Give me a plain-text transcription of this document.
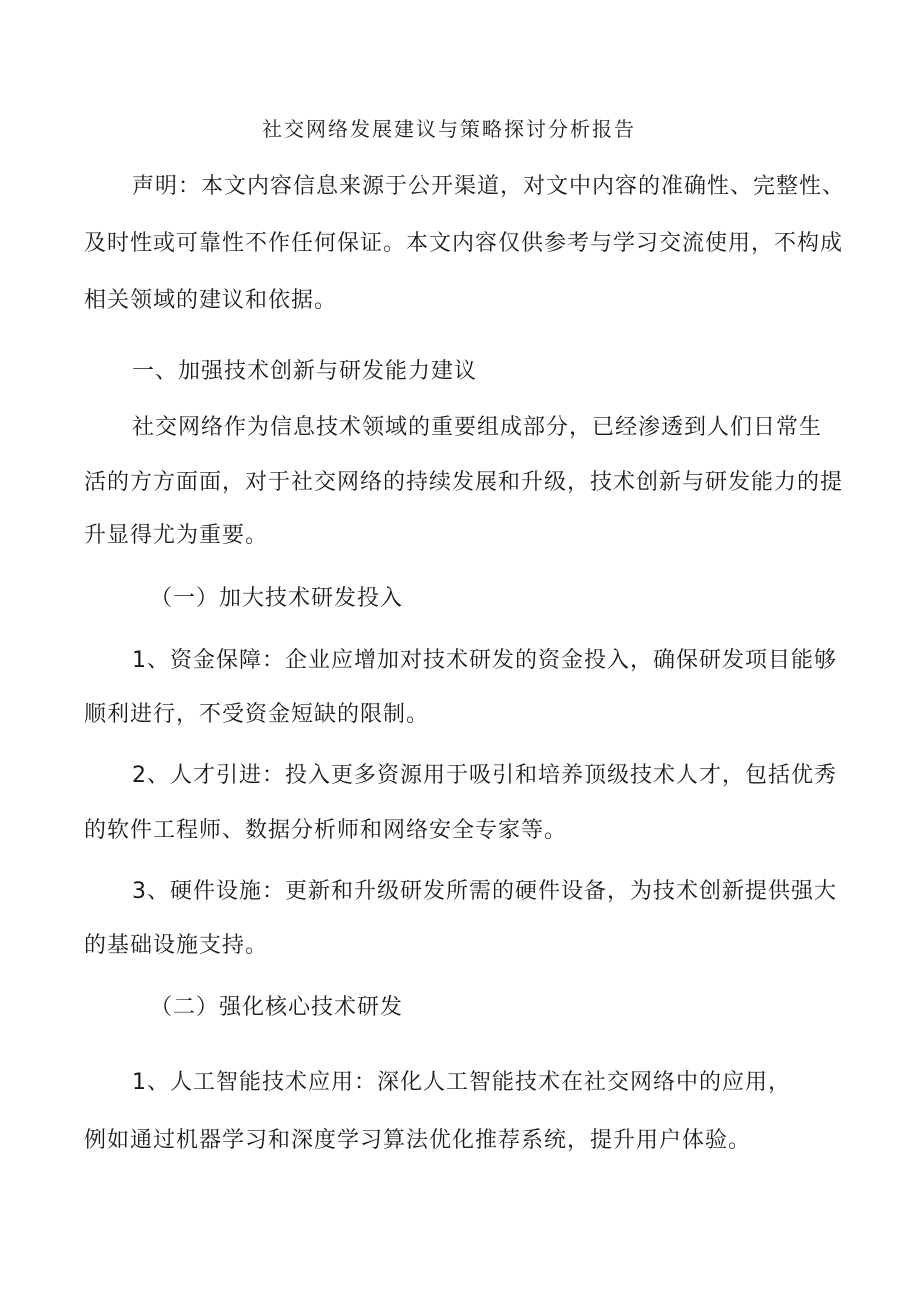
社交网络发展建议与策略探讨分析报告
声明：本文内容信息来源于公开渠道，对文中内容的准确性、完整性、
及时性或可靠性不作任何保证。本文内容仅供参考与学习交流使用，不构成
相关领域的建议和依据。
一、加强技术创新与研发能力建议
社交网络作为信息技术领域的重要组成部分，已经渗透到人们日常生
活的方方面面，对于社交网络的持续发展和升级，技术创新与研发能力的提
升显得尤为重要。
（一）加大技术研发投入
1、资金保障：企业应增加对技术研发的资金投入，确保研发项目能够
顺利进行，不受资金短缺的限制。
2、人才引进：投入更多资源用于吸引和培养顶级技术人才，包括优秀
的软件工程师、数据分析师和网络安全专家等。
3、硬件设施：更新和升级研发所需的硬件设备，为技术创新提供强大
的基础设施支持。
（二）强化核心技术研发
1、人工智能技术应用：深化人工智能技术在社交网络中的应用，
例如通过机器学习和深度学习算法优化推荐系统，提升用户体验。
